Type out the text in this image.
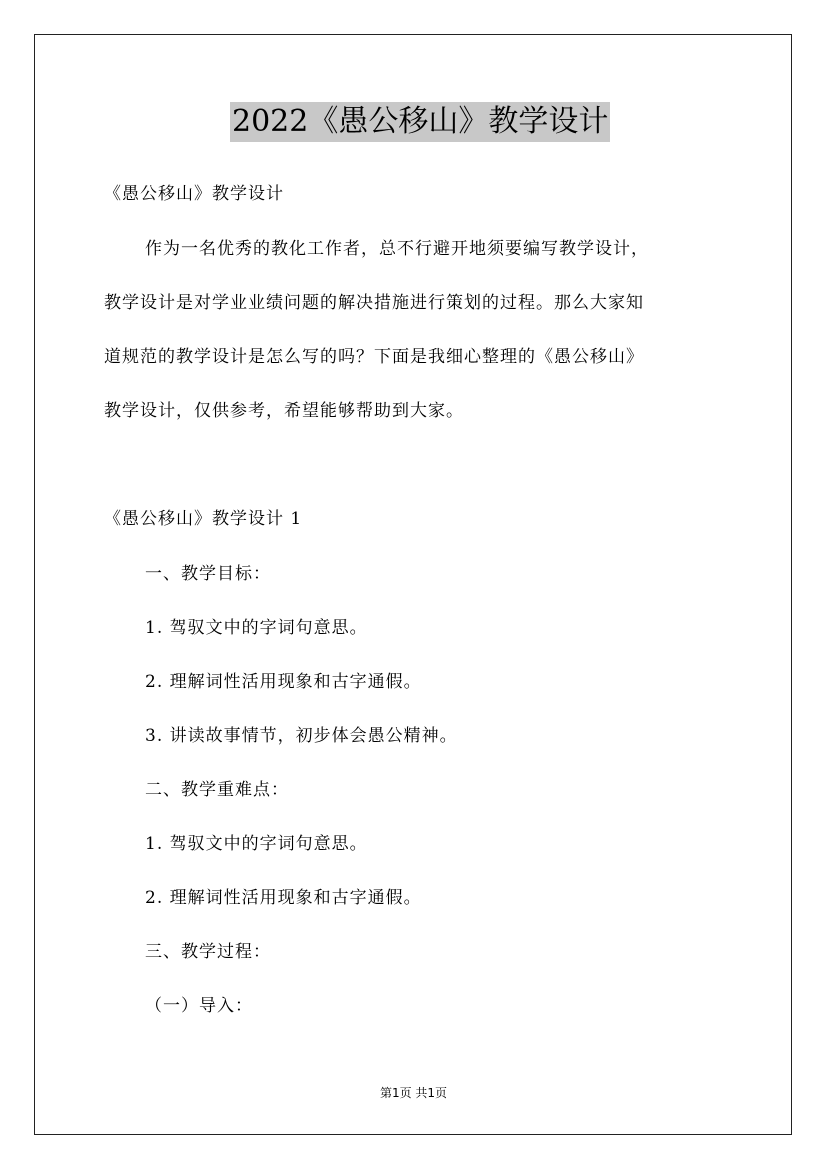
2022《愚公移山》教学设计
《愚公移山》教学设计
作为一名优秀的教化工作者，总不行避开地须要编写教学设计，
教学设计是对学业业绩问题的解决措施进行策划的过程。那么大家知
道规范的教学设计是怎么写的吗？下面是我细心整理的《愚公移山》
教学设计，仅供参考，希望能够帮助到大家。
《愚公移山》教学设计 1
一、教学目标：
1. 驾驭文中的字词句意思。
2. 理解词性活用现象和古字通假。
3. 讲读故事情节，初步体会愚公精神。
二、教学重难点：
1. 驾驭文中的字词句意思。
2. 理解词性活用现象和古字通假。
三、教学过程：
（一）导入：
第1页 共1页
